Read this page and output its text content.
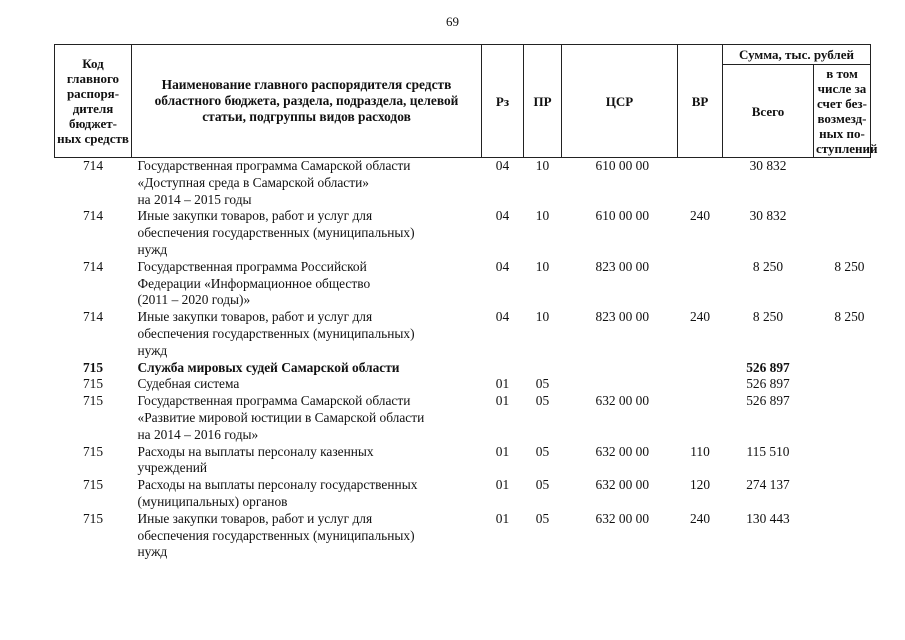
69
Код главного распоря-дителя бюджет-ных средств	Наименование главного распорядителя средств областного бюджета, раздела, подраздела, целевой статьи, подгруппы видов расходов	Рз	ПР	ЦСР	ВР	Сумма, тыс. рублей	
						Всего	в том числе за счет без-возмезд-ных по-ступлений
714	Государственная программа Самарской области
«Доступная среда в Самарской области»
на 2014 – 2015 годы	04	10	610 00 00		30 832	
714	Иные закупки товаров, работ и услуг для
обеспечения государственных (муниципальных)
нужд	04	10	610 00 00	240	30 832	
714	Государственная программа Российской
Федерации «Информационное общество
(2011 – 2020 годы)»	04	10	823 00 00		8 250	8 250
714	Иные закупки товаров, работ и услуг для
обеспечения государственных (муниципальных)
нужд	04	10	823 00 00	240	8 250	8 250
715	Служба мировых судей Самарской области					526 897	
715	Судебная система	01	05			526 897	
715	Государственная программа Самарской области
«Развитие мировой юстиции в Самарской области
на 2014 – 2016 годы»	01	05	632 00 00		526 897	
715	Расходы на выплаты персоналу казенных
учреждений	01	05	632 00 00	110	115 510	
715	Расходы на выплаты персоналу государственных
(муниципальных) органов	01	05	632 00 00	120	274 137	
715	Иные закупки товаров, работ и услуг для
обеспечения государственных (муниципальных)
нужд	01	05	632 00 00	240	130 443	
